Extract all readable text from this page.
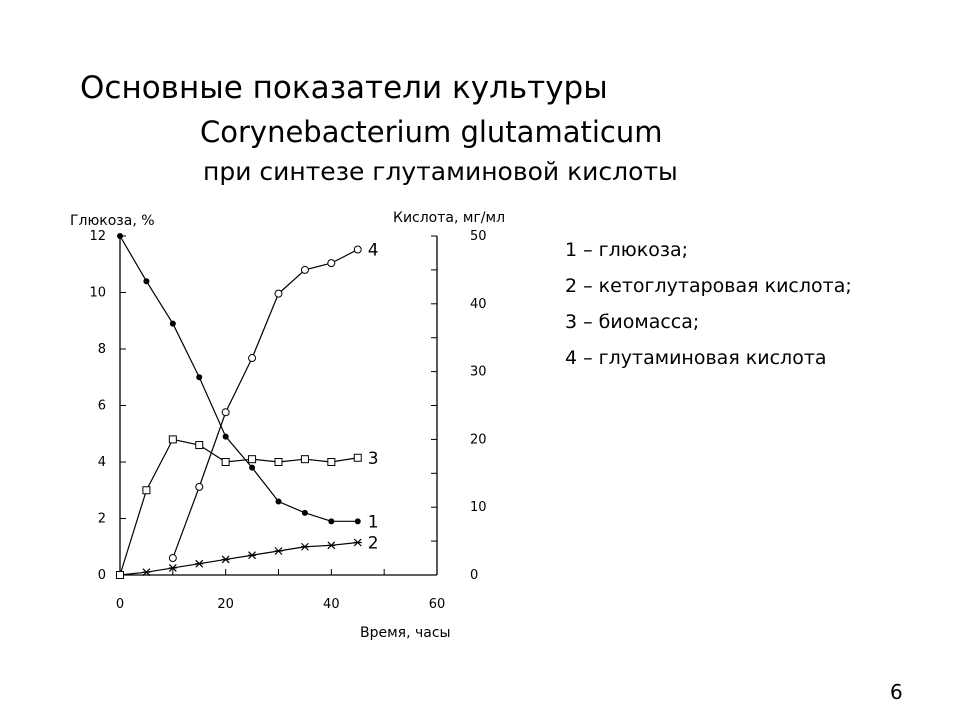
Основные показатели культуры
Corynebacterium glutamaticum
при синтезе глутаминовой кислоты
0
2
4
6
8
10
12
0
10
20
30
40
50
0	20	40	60
1
2
3
4
Глюкоза, %	Кислота, мг/мл
Время, часы
1 – глюкоза;
2 – кетоглутаровая кислота;
3 – биомасса;
4 – глутаминовая кислота
6
